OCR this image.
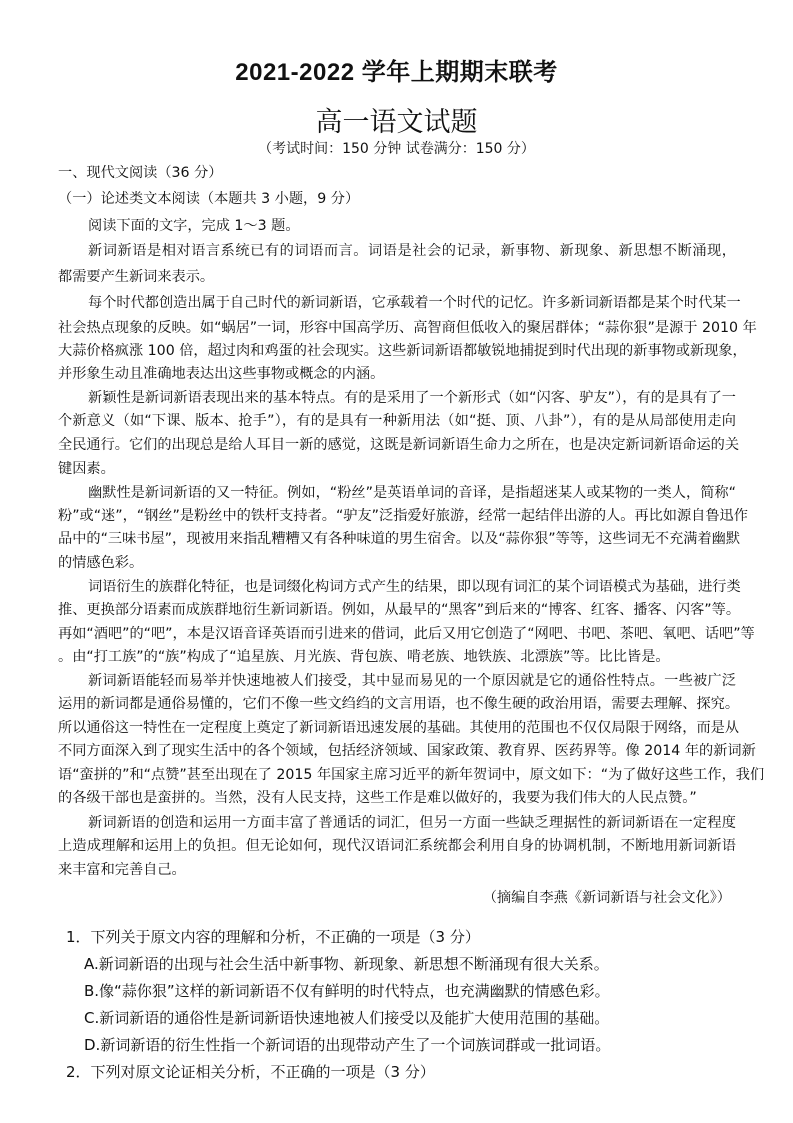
2021-2022 学年上期期末联考
高一语文试题
（考试时间：150 分钟 试卷满分：150 分）
一、现代文阅读（36 分）
（一）论述类文本阅读（本题共 3 小题，9 分）
阅读下面的文字，完成 1～3 题。
新词新语是相对语言系统已有的词语而言。词语是社会的记录，新事物、新现象、新思想不断涌现，
都需要产生新词来表示。
每个时代都创造出属于自己时代的新词新语，它承载着一个时代的记忆。许多新词新语都是某个时代某一
社会热点现象的反映。如“蜗居”一词，形容中国高学历、高智商但低收入的聚居群体；“蒜你狠”是源于 2010 年
大蒜价格疯涨 100 倍，超过肉和鸡蛋的社会现实。这些新词新语都敏锐地捕捉到时代出现的新事物或新现象，
并形象生动且准确地表达出这些事物或概念的内涵。
新颖性是新词新语表现出来的基本特点。有的是采用了一个新形式（如“闪客、驴友”），有的是具有了一
个新意义（如“下课、版本、抢手”），有的是具有一种新用法（如“挺、顶、八卦”），有的是从局部使用走向
全民通行。它们的出现总是给人耳目一新的感觉，这既是新词新语生命力之所在，也是决定新词新语命运的关
键因素。
幽默性是新词新语的又一特征。例如，“粉丝”是英语单词的音译，是指超迷某人或某物的一类人，简称“
粉”或“迷”，“钢丝”是粉丝中的铁杆支持者。“驴友”泛指爱好旅游，经常一起结伴出游的人。再比如源自鲁迅作
品中的“三味书屋”，现被用来指乱糟糟又有各种味道的男生宿舍。以及“蒜你狠”等等，这些词无不充满着幽默
的情感色彩。
词语衍生的族群化特征，也是词缀化构词方式产生的结果，即以现有词汇的某个词语模式为基础，进行类
推、更换部分语素而成族群地衍生新词新语。例如，从最早的“黑客”到后来的“博客、红客、播客、闪客”等。
再如“酒吧”的“吧”，本是汉语音译英语而引进来的借词，此后又用它创造了“网吧、书吧、茶吧、氧吧、话吧”等
。由“打工族”的“族”构成了“追星族、月光族、背包族、啃老族、地铁族、北漂族”等。比比皆是。
新词新语能轻而易举并快速地被人们接受，其中显而易见的一个原因就是它的通俗性特点。一些被广泛
运用的新词都是通俗易懂的，它们不像一些文绉绉的文言用语，也不像生硬的政治用语，需要去理解、探究。
所以通俗这一特性在一定程度上奠定了新词新语迅速发展的基础。其使用的范围也不仅仅局限于网络，而是从
不同方面深入到了现实生活中的各个领域，包括经济领域、国家政策、教育界、医药界等。像 2014 年的新词新
语“蛮拼的”和“点赞”甚至出现在了 2015 年国家主席习近平的新年贺词中，原文如下：“为了做好这些工作，我们
的各级干部也是蛮拼的。当然，没有人民支持，这些工作是难以做好的，我要为我们伟大的人民点赞。”
新词新语的创造和运用一方面丰富了普通话的词汇，但另一方面一些缺乏理据性的新词新语在一定程度
上造成理解和运用上的负担。但无论如何，现代汉语词汇系统都会利用自身的协调机制，不断地用新词新语
来丰富和完善自己。
（摘编自李燕《新词新语与社会文化》）
1．下列关于原文内容的理解和分析，不正确的一项是（3 分）
A.新词新语的出现与社会生活中新事物、新现象、新思想不断涌现有很大关系。
B.像“蒜你狠”这样的新词新语不仅有鲜明的时代特点，也充满幽默的情感色彩。
C.新词新语的通俗性是新词新语快速地被人们接受以及能扩大使用范围的基础。
D.新词新语的衍生性指一个新词语的出现带动产生了一个词族词群或一批词语。
2．下列对原文论证相关分析，不正确的一项是（3 分）
